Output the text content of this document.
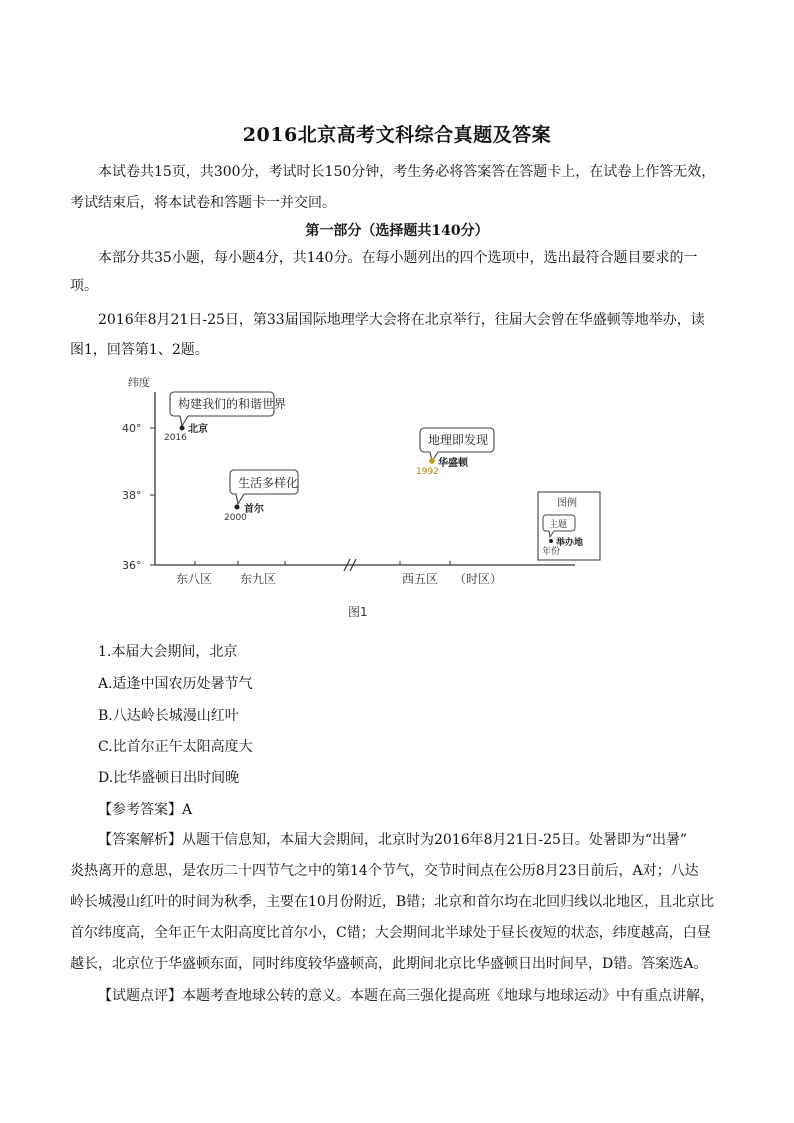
2016北京高考文科综合真题及答案
本试卷共15页，共300分，考试时长150分钟，考生务必将答案答在答题卡上，在试卷上作答无效，
考试结束后，将本试卷和答题卡一并交回。
第一部分（选择题共140分）
本部分共35小题，每小题4分，共140分。在每小题列出的四个选项中，选出最符合题目要求的一
项。
2016年8月21日-25日，第33届国际地理学大会将在北京举行，往届大会曾在华盛顿等地举办，读
图1，回答第1、2题。
纬度
40°
38°
36°
东八区 东九区	西五区 （时区）
构建我们的和谐世界
北京
2016
生活多样化
首尔
2000
地理即发现
华盛顿
1992
图例
主题
举办地
年份
图1
1.本届大会期间，北京
A.适逢中国农历处暑节气
B.八达岭长城漫山红叶
C.比首尔正午太阳高度大
D.比华盛顿日出时间晚
【参考答案】A
【答案解析】从题干信息知，本届大会期间，北京时为2016年8月21日-25日。处暑即为“出暑”
炎热离开的意思，是农历二十四节气之中的第14个节气，交节时间点在公历8月23日前后，A对；八达
岭长城漫山红叶的时间为秋季，主要在10月份附近，B错；北京和首尔均在北回归线以北地区，且北京比
首尔纬度高，全年正午太阳高度比首尔小，C错；大会期间北半球处于昼长夜短的状态，纬度越高，白昼
越长，北京位于华盛顿东面，同时纬度较华盛顿高，此期间北京比华盛顿日出时间早，D错。答案选A。
【试题点评】本题考查地球公转的意义。本题在高三强化提高班《地球与地球运动》中有重点讲解，
